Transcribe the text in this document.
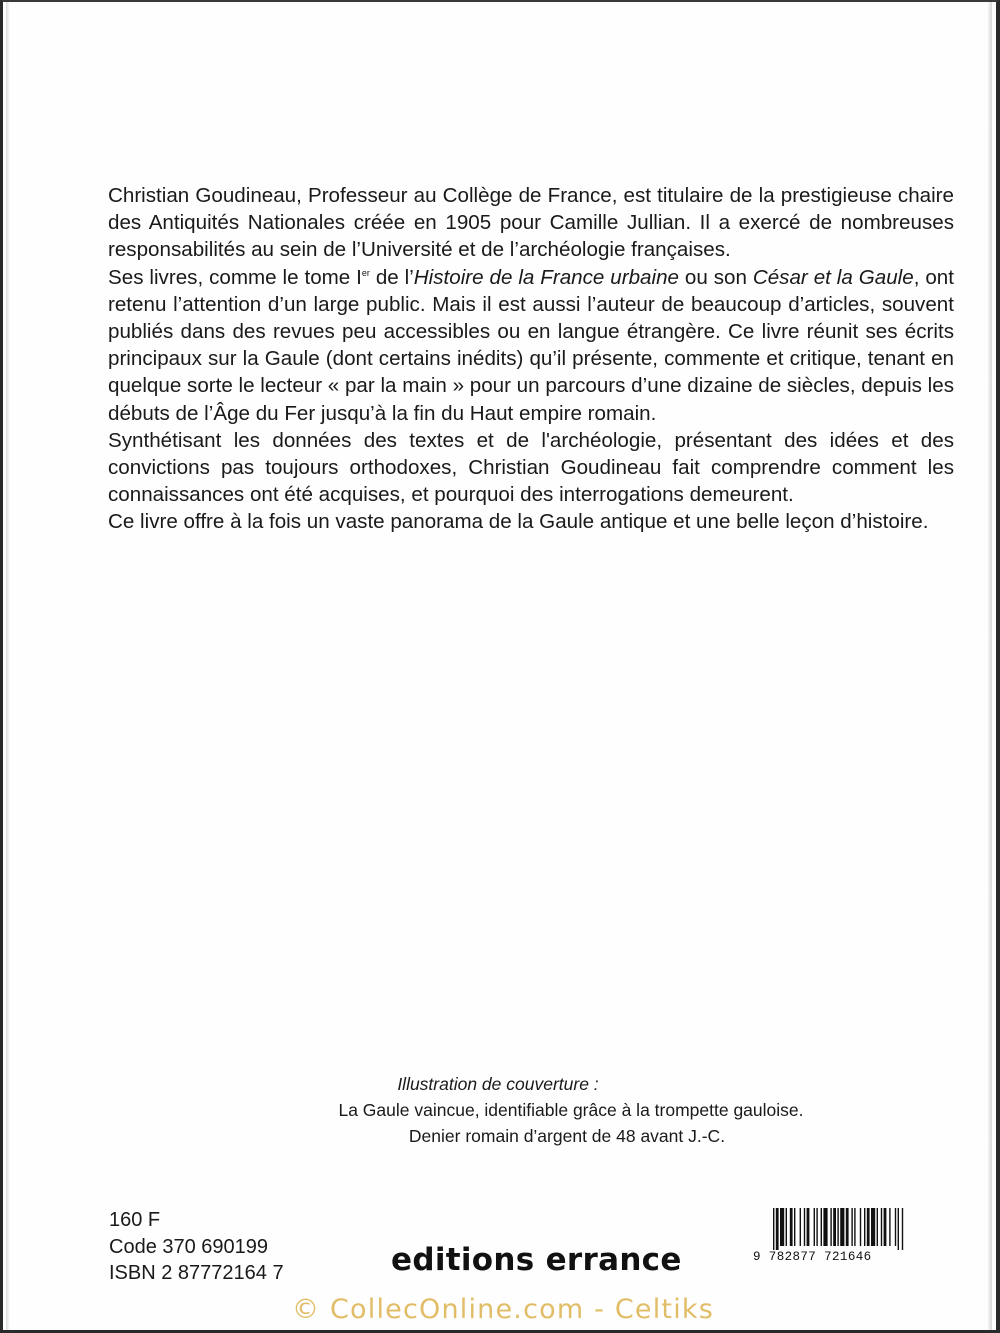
Christian Goudineau, Professeur au Collège de France, est titulaire de la prestigieuse chaire des Antiquités Nationales créée en 1905 pour Camille Jullian. Il a exercé de nombreuses responsabilités au sein de l’Université et de l’archéologie françaises.

Ses livres, comme le tome Ier de l’Histoire de la France urbaine ou son César et la Gaule, ont retenu l’attention d’un large public. Mais il est aussi l’auteur de beaucoup d’articles, souvent publiés dans des revues peu accessibles ou en langue étrangère. Ce livre réunit ses écrits principaux sur la Gaule (dont certains inédits) qu’il présente, commente et critique, tenant en quelque sorte le lecteur « par la main » pour un parcours d’une dizaine de siècles, depuis les débuts de l’Âge du Fer jusqu’à la fin du Haut empire romain.

Synthétisant les données des textes et de l'archéologie, présentant des idées et des convictions pas toujours orthodoxes, Christian Goudineau fait comprendre comment les connaissances ont été acquises, et pourquoi des interrogations demeurent.

Ce livre offre à la fois un vaste panorama de la Gaule antique et une belle leçon d’histoire.

Illustration de couverture :
La Gaule vaincue, identifiable grâce à la trompette gauloise.
Denier romain d’argent de 48 avant J.-C.
160 F
Code 370 690199
ISBN 2 87772164 7	editions errance	9 782877 721646
© CollecOnline.com - Celtiks
